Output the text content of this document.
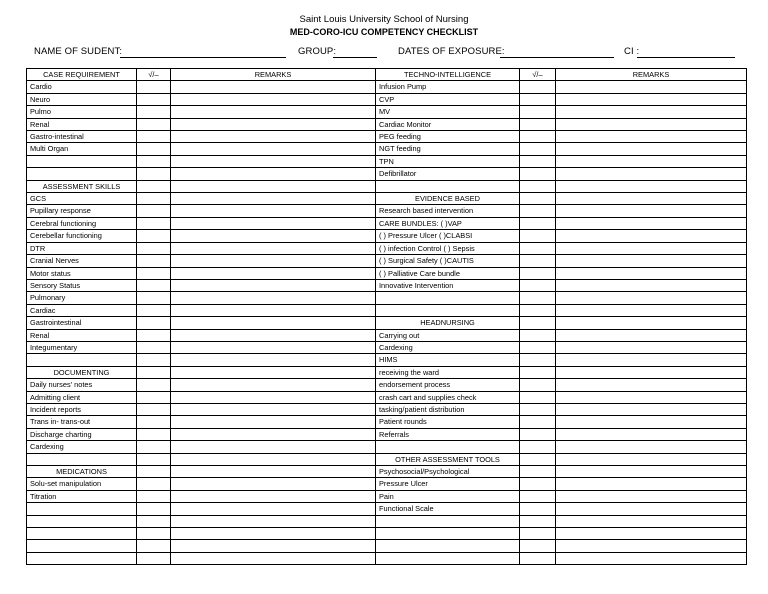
Saint Louis University School of Nursing
MED-CORO-ICU COMPETENCY CHECKLIST
NAME OF SUDENT:	GROUP:	DATES OF EXPOSURE:	CI :
CASE REQUIREMENT	√/–	REMARKS	TECHNO-INTELLIGENCE	√/–	REMARKS
Cardio			Infusion Pump		
Neuro			CVP		
Pulmo			MV		
Renal			Cardiac Monitor		
Gastro-intestinal			PEG feeding		
Multi Organ			NGT feeding		
			TPN		
			Defibrillator		
ASSESSMENT SKILLS					
GCS			EVIDENCE BASED		
Pupillary response			Research based intervention		
Cerebral functioning			CARE BUNDLES: ( )VAP		
Cerebellar functioning			( ) Pressure Ulcer ( )CLABSI		
DTR			( ) infection Control ( ) Sepsis		
Cranial Nerves			( ) Surgical Safety ( )CAUTIS		
Motor status			( ) Palliative Care bundle		
Sensory Status			Innovative Intervention		
Pulmonary					
Cardiac					
Gastrointestinal			HEADNURSING		
Renal			Carrying out		
Integumentary			Cardexing		
			HIMS		
DOCUMENTING			receiving the ward		
Daily nurses' notes			endorsement process		
Admitting client			crash cart and supplies check		
Incident reports			tasking/patient distribution		
Trans in- trans-out			Patient rounds		
Discharge charting			Referrals		
Cardexing					
			OTHER ASSESSMENT TOOLS		
MEDICATIONS			Psychosocial/Psychological		
Solu-set manipulation			Pressure Ulcer		
Titration			Pain		
			Functional Scale		
